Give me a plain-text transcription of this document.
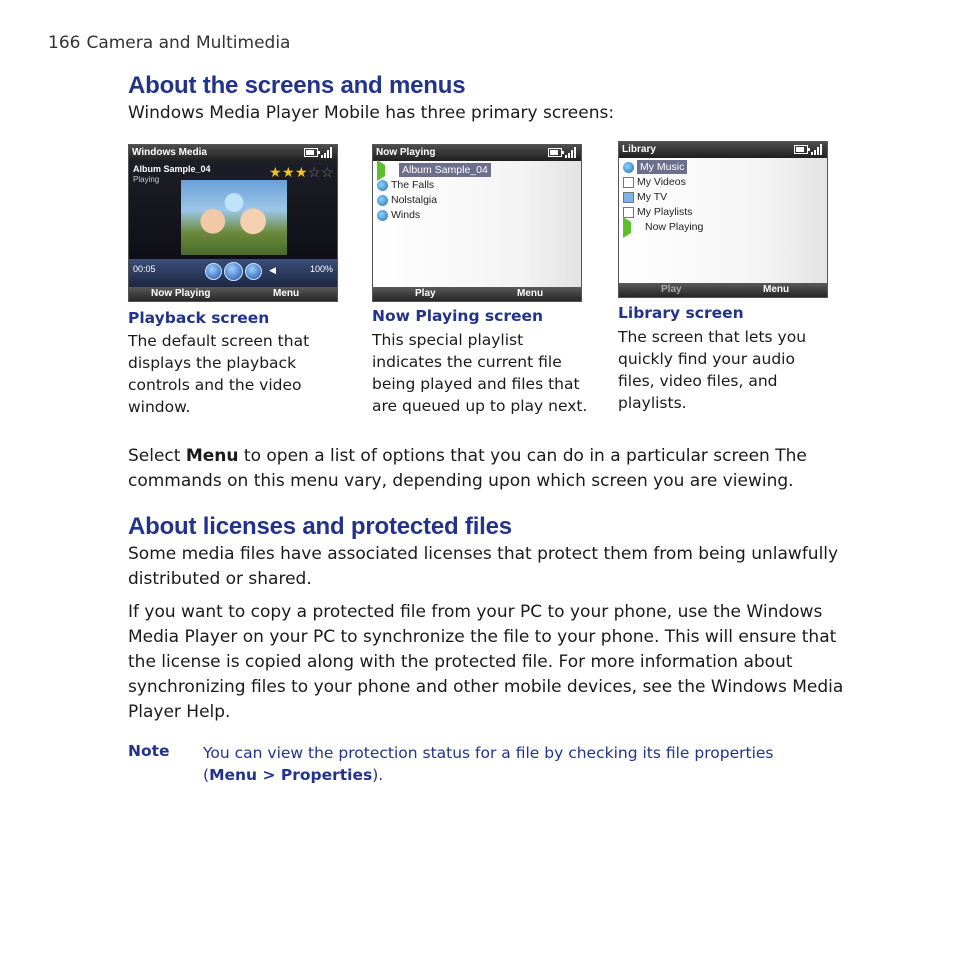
166 Camera and Multimedia
About the screens and menus
Windows Media Player Mobile has three primary screens:
Windows Media
Album Sample_04
Playing
00:05	◀	100%
Now Playing	Menu
★ ★ ★ ☆ ☆
Playback screen
The default screen that displays the playback controls and the video window.
Now Playing
Album Sample_04
The Falls
Nolstalgia
Winds
Play	Menu
Now Playing screen
This special playlist indicates the current file being played and files that are queued up to play next.
Library
My Music
My Videos
My TV
My Playlists
Now Playing
Play	Menu
Library screen
The screen that lets you quickly find your audio files, video files, and playlists.
Select Menu to open a list of options that you can do in a particular screen The commands on this menu vary, depending upon which screen you are viewing.
About licenses and protected files
Some media files have associated licenses that protect them from being unlawfully distributed or shared.
If you want to copy a protected file from your PC to your phone, use the Windows Media Player on your PC to synchronize the file to your phone. This will ensure that the license is copied along with the protected file. For more information about synchronizing files to your phone and other mobile devices, see the Windows Media Player Help.
Note You can view the protection status for a file by checking its file properties (Menu > Properties).
